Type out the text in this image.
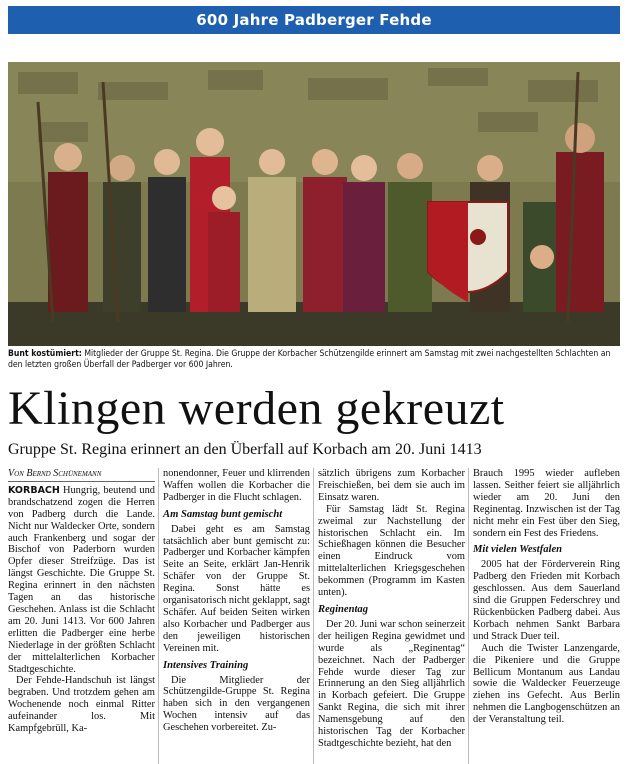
600 Jahre Padberger Fehde
Bunt kostümiert: Mitglieder der Gruppe St. Regina. Die Gruppe der Korbacher Schützengilde erinnert am Samstag mit zwei nachgestellten Schlachten an den letzten großen Überfall der Padberger vor 600 Jahren.
Klingen werden gekreuzt
Gruppe St. Regina erinnert an den Überfall auf Korbach am 20. Juni 1413
Von Bernd Schünemann

KORBACH Hungrig, beutend und brandschatzend zogen die Herren von Padberg durch die Lande. Nicht nur Waldecker Orte, sondern auch Frankenberg und sogar der Bischof von Paderborn wurden Opfer dieser Streifzüge. Das ist längst Geschichte. Die Gruppe St. Regina erinnert in den nächsten Tagen an das historische Geschehen. Anlass ist die Schlacht am 20. Juni 1413. Vor 600 Jahren erlitten die Padberger eine herbe Niederlage in der größten Schlacht der mittelalterlichen Korbacher Stadtgeschichte.

Der Fehde-Handschuh ist längst begraben. Und trotzdem gehen am Wochenende noch einmal Ritter aufeinander los. Mit Kampfgebrüll, Ka-

nonendonner, Feuer und klirrenden Waffen wollen die Korbacher die Padberger in die Flucht schlagen.

Am Samstag bunt gemischt

Dabei geht es am Samstag tatsächlich aber bunt gemischt zu: Padberger und Korbacher kämpfen Seite an Seite, erklärt Jan-Henrik Schäfer von der Gruppe St. Regina. Sonst hätte es organisatorisch nicht geklappt, sagt Schäfer. Auf beiden Seiten wirken also Korbacher und Padberger aus den jeweiligen historischen Vereinen mit.

Intensives Training

Die Mitglieder der Schützengilde-Gruppe St. Regina haben sich in den vergangenen Wochen intensiv auf das Geschehen vorbereitet. Zu-

sätzlich übrigens zum Korbacher Freischießen, bei dem sie auch im Einsatz waren.

Für Samstag lädt St. Regina zweimal zur Nachstellung der historischen Schlacht ein. Im Schießhagen können die Besucher einen Eindruck vom mittelalterlichen Kriegsgeschehen bekommen (Programm im Kasten unten).

Reginentag

Der 20. Juni war schon seinerzeit der heiligen Regina gewidmet und wurde als „Reginentag“ bezeichnet. Nach der Padberger Fehde wurde dieser Tag zur Erinnerung an den Sieg alljährlich in Korbach gefeiert. Die Gruppe Sankt Regina, die sich mit ihrer Namensgebung auf den historischen Tag der Korbacher Stadtgeschichte bezieht, hat den

Brauch 1995 wieder aufleben lassen. Seither feiert sie alljährlich wieder am 20. Juni den Reginentag. Inzwischen ist der Tag nicht mehr ein Fest über den Sieg, sondern ein Fest des Friedens.

Mit vielen Westfalen

2005 hat der Förderverein Ring Padberg den Frieden mit Korbach geschlossen. Aus dem Sauerland sind die Gruppen Federschrey und Rückenbücken Padberg dabei. Aus Korbach nehmen Sankt Barbara und Strack Duer teil.

Auch die Twister Lanzengarde, die Pikeniere und die Gruppe Bellicum Montanum aus Landau sowie die Waldecker Feuerzeuge ziehen ins Gefecht. Aus Berlin nehmen die Langbogenschützen an der Veranstaltung teil.
